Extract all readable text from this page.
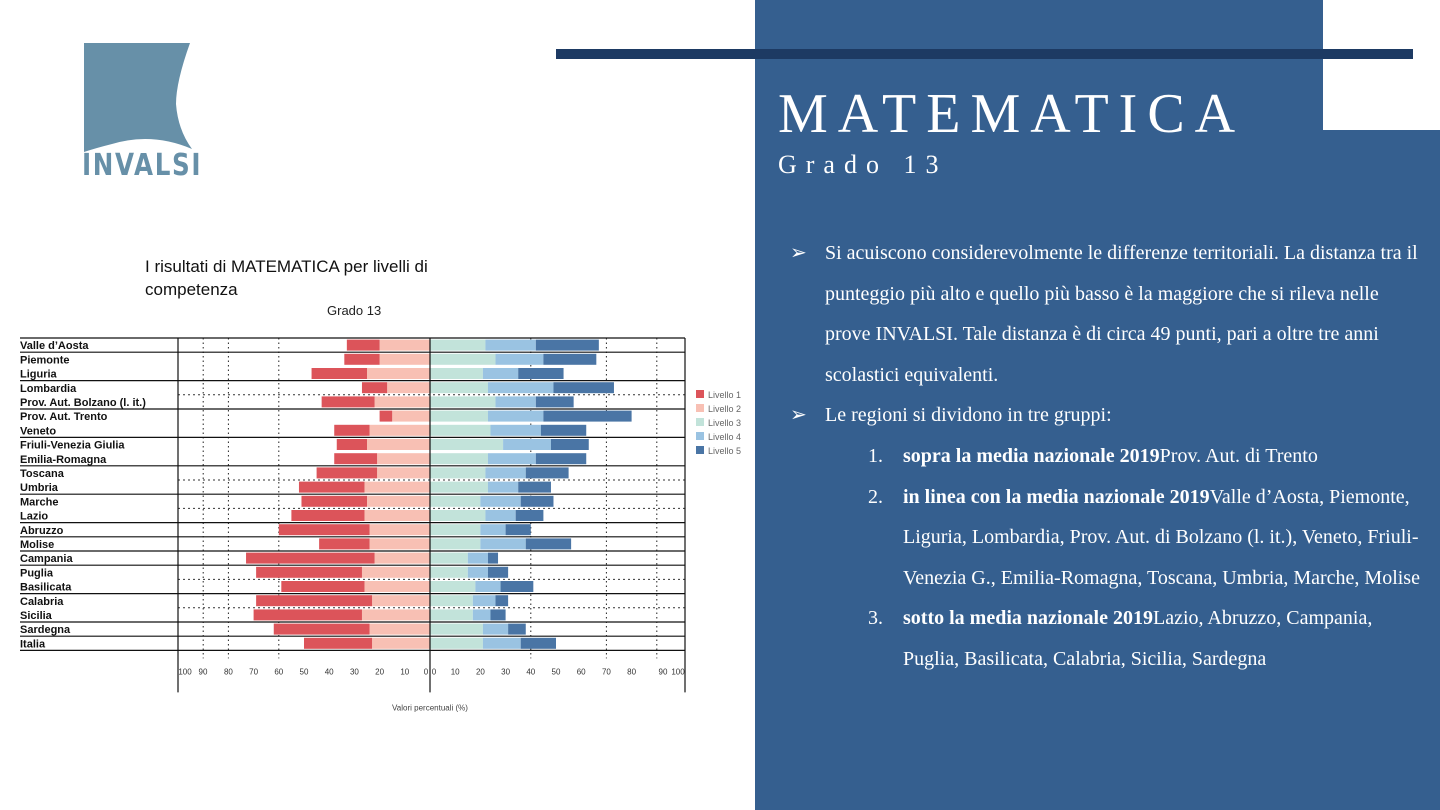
MATEMATICA
Grado 13
INVALSI
I risultati di MATEMATICA per livelli di competenza
Grado 13
Valle d’Aosta
Piemonte
Liguria
Lombardia
Prov. Aut. Bolzano (l. it.)
Prov. Aut. Trento
Veneto
Friuli-Venezia Giulia
Emilia-Romagna
Toscana
Umbria
Marche
Lazio
Abruzzo
Molise
Campania
Puglia
Basilicata
Calabria
Sicilia
Sardegna
Italia
100 90 80 70 60 50 40 30 20 10 0 0 10 20 30 40 50 60 70 80	90 100
Valori percentuali (%)
Livello 1
Livello 2
Livello 3
Livello 4
Livello 5
➢ Si acuiscono considerevolmente le differenze territoriali. La distanza tra il punteggio più alto e quello più basso è la maggiore che si rileva nelle prove INVALSI. Tale distanza è di circa 49 punti, pari a oltre tre anni scolastici equivalenti.
➢ Le regioni si dividono in tre gruppi:
1. sopra la media nazionale 2019Prov. Aut. di Trento
2. in linea con la media nazionale 2019Valle d’Aosta, Piemonte, Liguria, Lombardia, Prov. Aut. di Bolzano (l. it.), Veneto, Friuli-Venezia G., Emilia-Romagna, Toscana, Umbria, Marche, Molise
3. sotto la media nazionale 2019Lazio, Abruzzo, Campania, Puglia, Basilicata, Calabria, Sicilia, Sardegna
